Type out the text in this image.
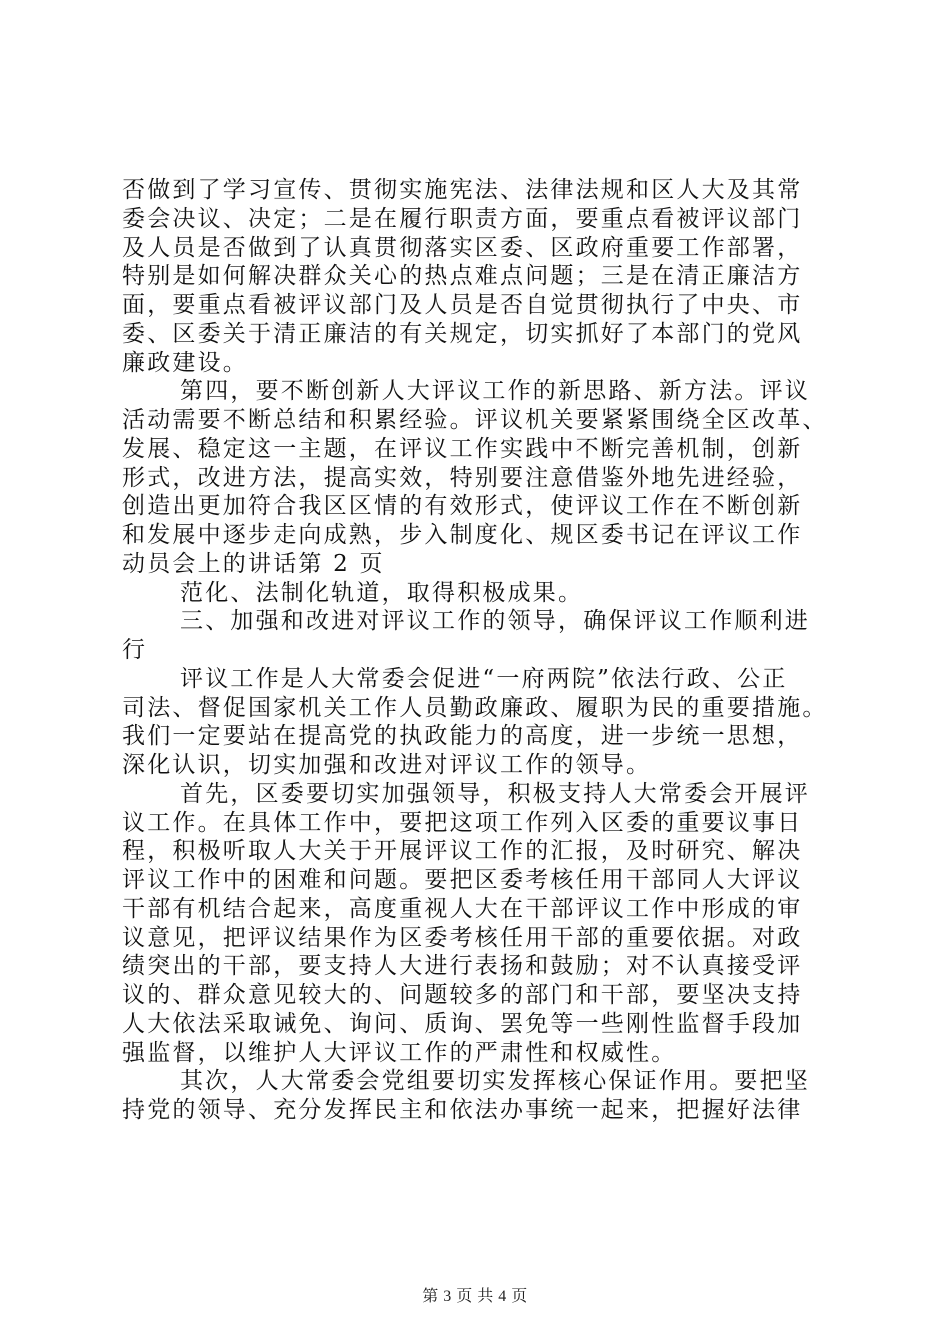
否做到了学习宣传、贯彻实施宪法、法律法规和区人大及其常
委会决议、决定；二是在履行职责方面，要重点看被评议部门
及人员是否做到了认真贯彻落实区委、区政府重要工作部署，
特别是如何解决群众关心的热点难点问题；三是在清正廉洁方
面，要重点看被评议部门及人员是否自觉贯彻执行了中央、市
委、区委关于清正廉洁的有关规定，切实抓好了本部门的党风
廉政建设。
第四，要不断创新人大评议工作的新思路、新方法。评议
活动需要不断总结和积累经验。评议机关要紧紧围绕全区改革、
发展、稳定这一主题，在评议工作实践中不断完善机制，创新
形式，改进方法，提高实效，特别要注意借鉴外地先进经验，
创造出更加符合我区区情的有效形式，使评议工作在不断创新
和发展中逐步走向成熟，步入制度化、规区委书记在评议工作
动员会上的讲话第 2 页
范化、法制化轨道，取得积极成果。
三、加强和改进对评议工作的领导，确保评议工作顺利进
行
评议工作是人大常委会促进“一府两院”依法行政、公正
司法、督促国家机关工作人员勤政廉政、履职为民的重要措施。
我们一定要站在提高党的执政能力的高度，进一步统一思想，
深化认识，切实加强和改进对评议工作的领导。
首先，区委要切实加强领导，积极支持人大常委会开展评
议工作。在具体工作中，要把这项工作列入区委的重要议事日
程，积极听取人大关于开展评议工作的汇报，及时研究、解决
评议工作中的困难和问题。要把区委考核任用干部同人大评议
干部有机结合起来，高度重视人大在干部评议工作中形成的审
议意见，把评议结果作为区委考核任用干部的重要依据。对政
绩突出的干部，要支持人大进行表扬和鼓励；对不认真接受评
议的、群众意见较大的、问题较多的部门和干部，要坚决支持
人大依法采取诫免、询问、质询、罢免等一些刚性监督手段加
强监督，以维护人大评议工作的严肃性和权威性。
其次，人大常委会党组要切实发挥核心保证作用。要把坚
持党的领导、充分发挥民主和依法办事统一起来，把握好法律
第 3 页 共 4 页
